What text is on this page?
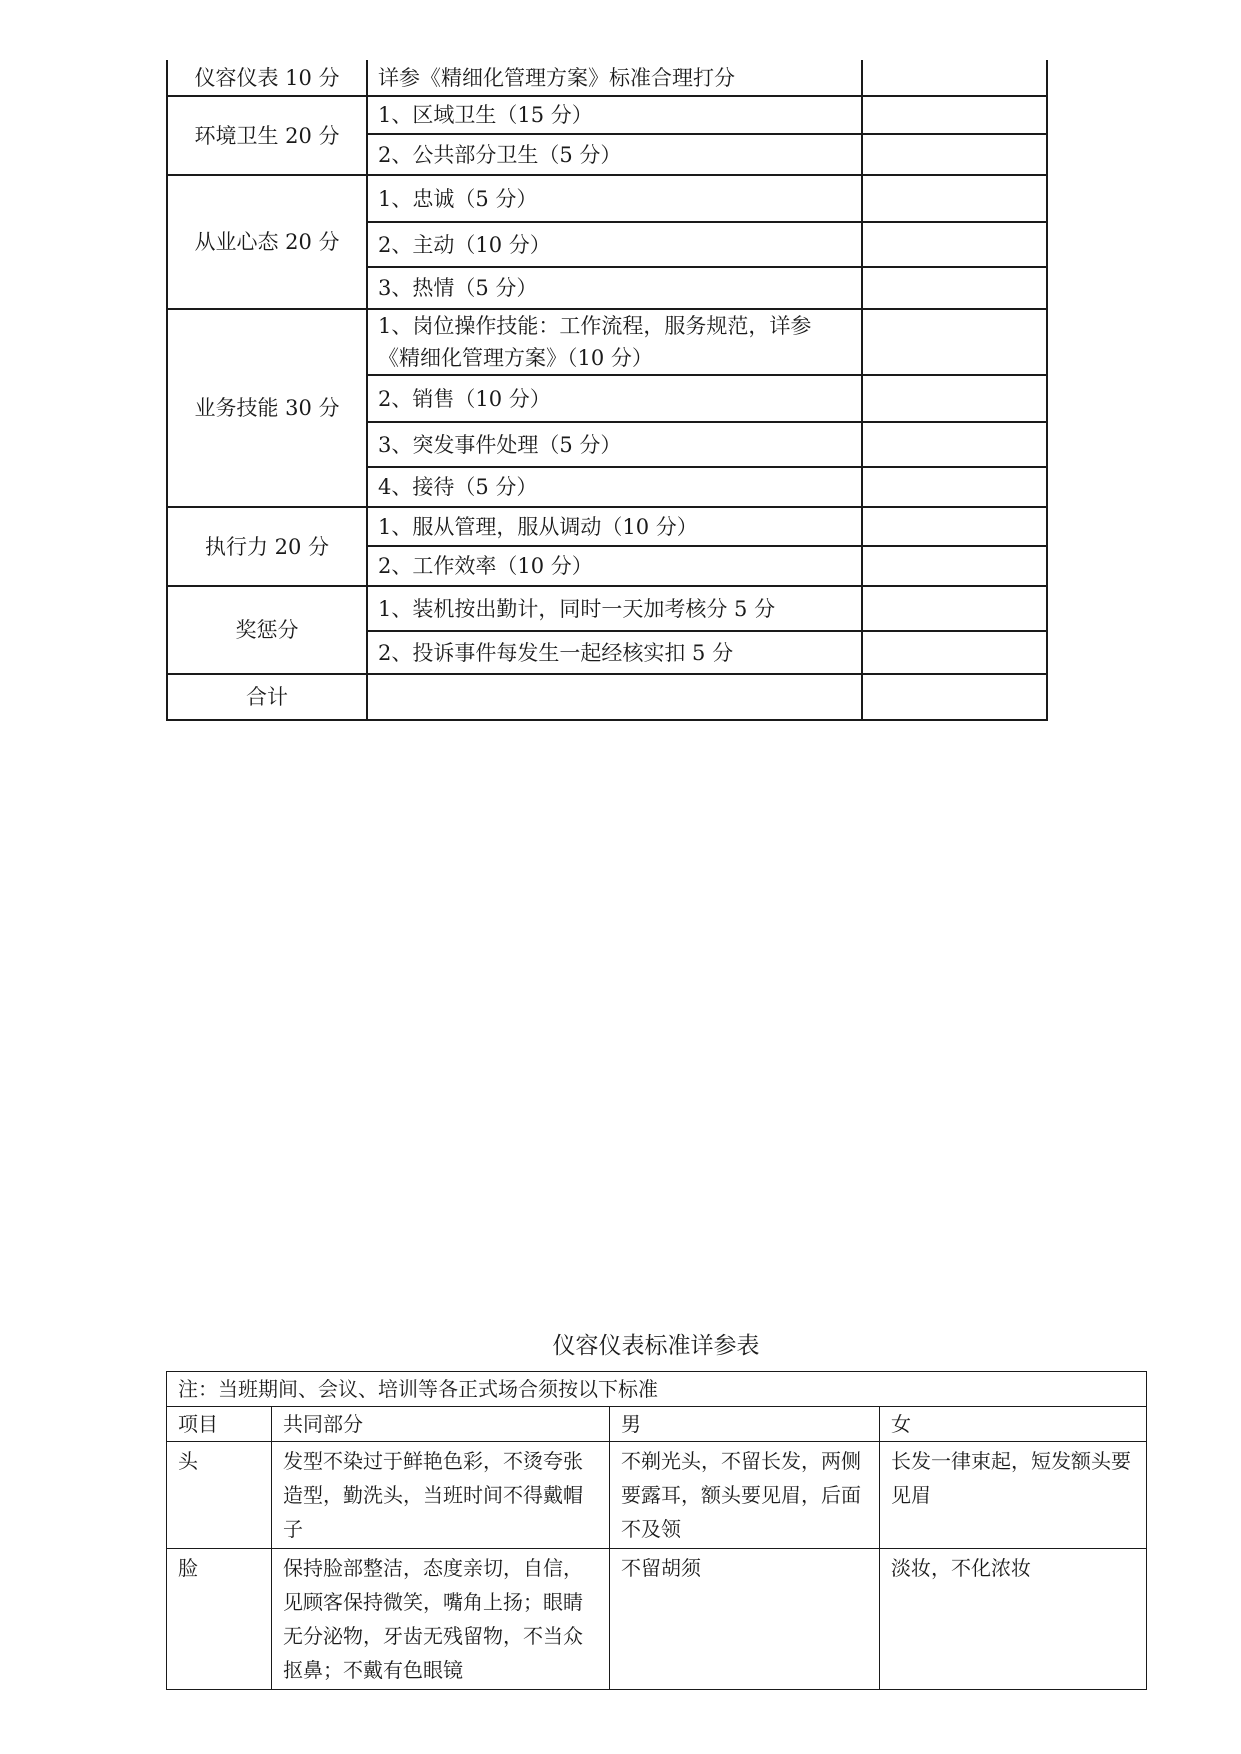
仪容仪表 10 分	详参《精细化管理方案》标准合理打分	
环境卫生 20 分	1、区域卫生（15 分）	
	2、公共部分卫生（5 分）	
从业心态 20 分	1、忠诚（5 分）	
	2、主动（10 分）	
	3、热情（5 分）	
业务技能 30 分	1、岗位操作技能：工作流程，服务规范，详参《精细化管理方案》（10 分）	
	2、销售（10 分）	
	3、突发事件处理（5 分）	
	4、接待（5 分）	
执行力 20 分	1、服从管理，服从调动（10 分）	
	2、工作效率（10 分）	
奖惩分	1、装机按出勤计，同时一天加考核分 5 分	
	2、投诉事件每发生一起经核实扣 5 分	
合计		
仪容仪表标准详参表
注：当班期间、会议、培训等各正式场合须按以下标准			
项目	共同部分	男	女
头	发型不染过于鲜艳色彩，不烫夸张造型，勤洗头，当班时间不得戴帽子	不剃光头，不留长发，两侧要露耳，额头要见眉，后面不及领	长发一律束起，短发额头要见眉
脸	保持脸部整洁，态度亲切，自信，见顾客保持微笑，嘴角上扬；眼睛无分泌物，牙齿无残留物，不当众抠鼻；不戴有色眼镜	不留胡须	淡妆，不化浓妆
